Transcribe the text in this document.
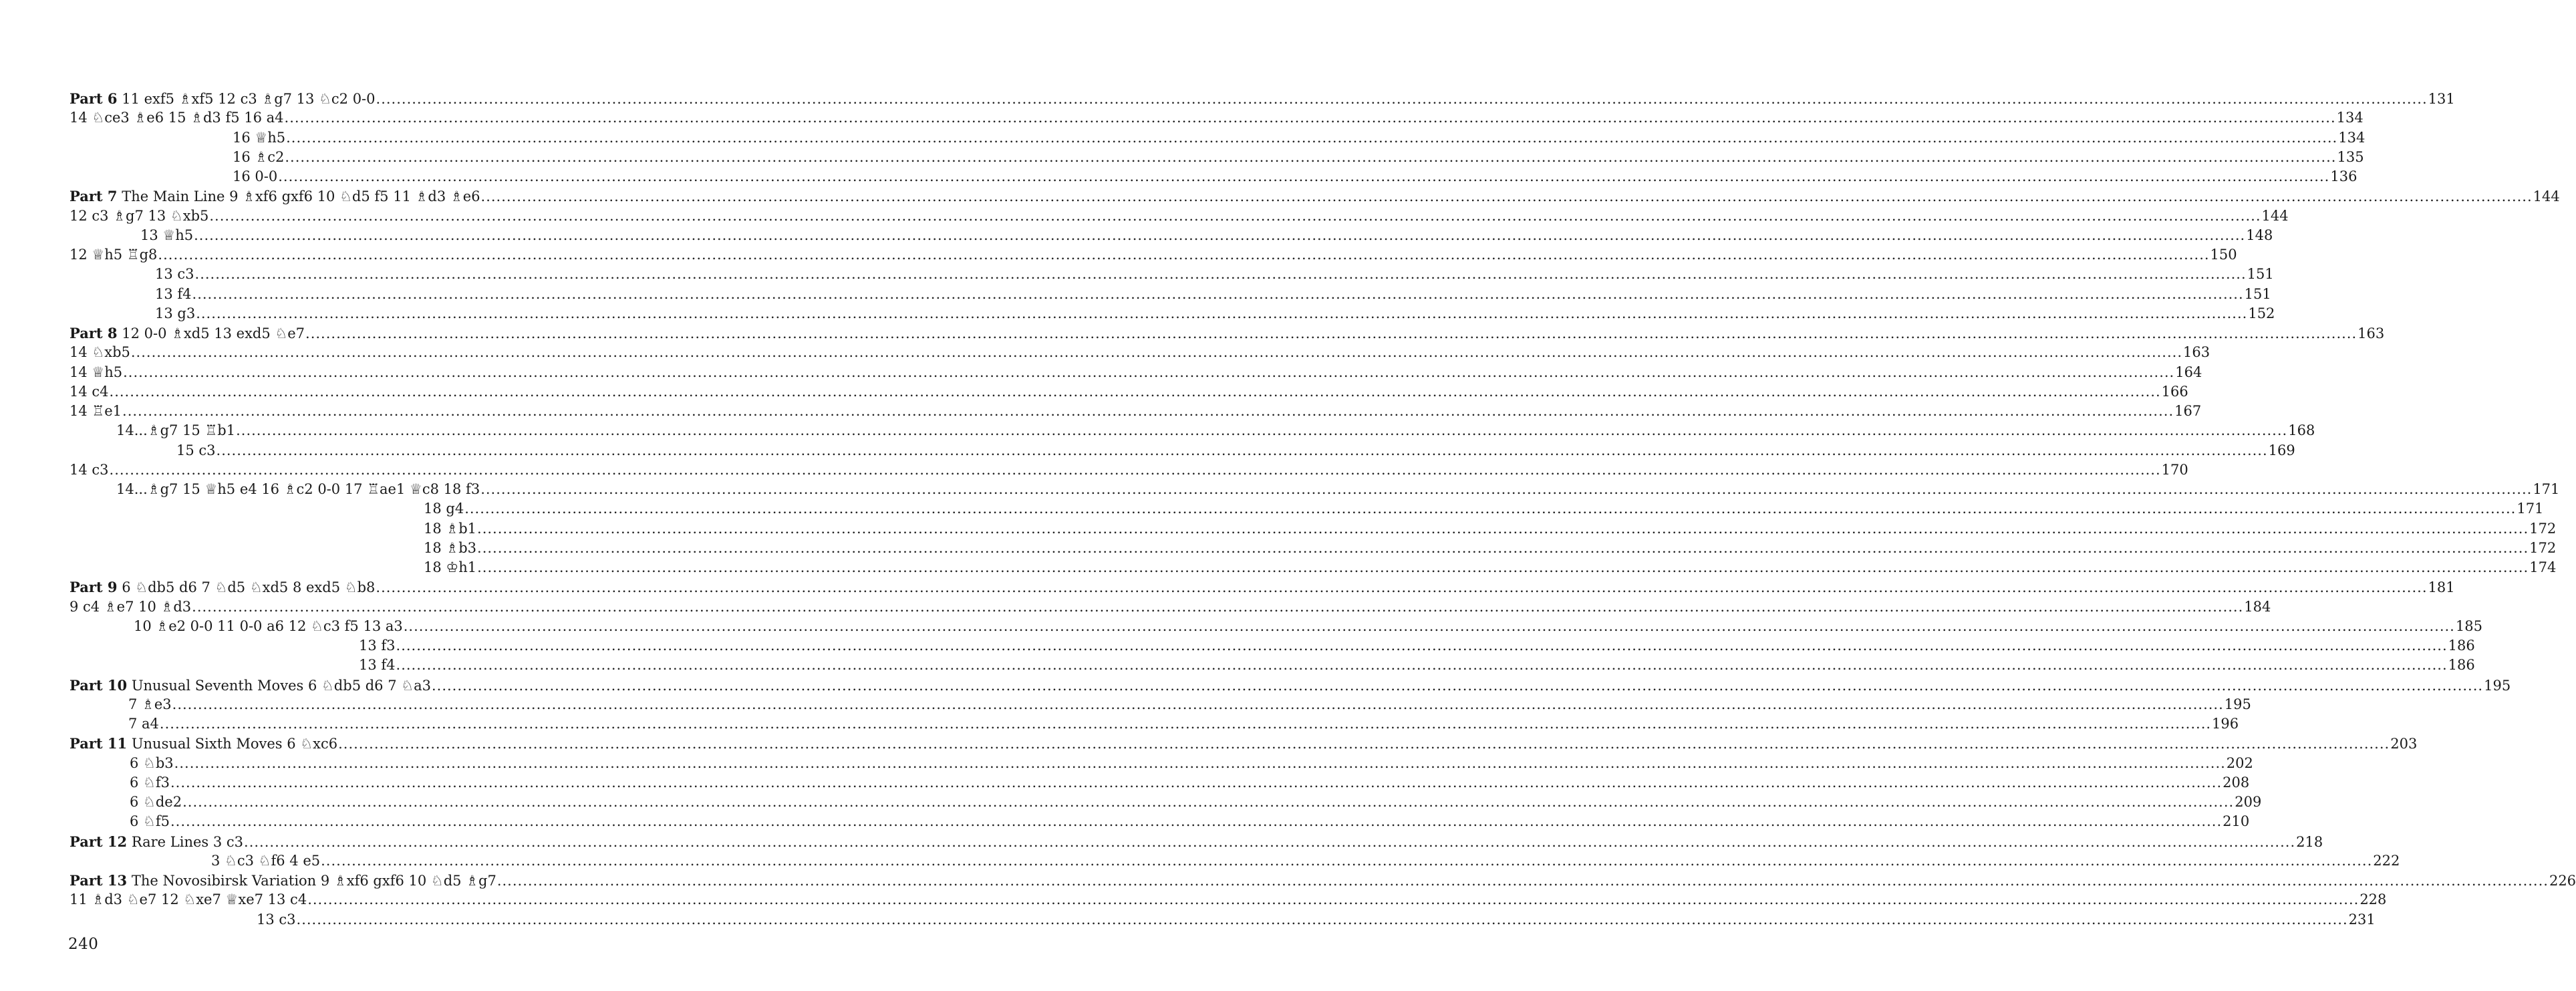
Part 6 11 exf5 ♗xf5 12 c3 ♗g7 13 ♘c2 0-0 ................................................................................................................................................................................................................................................................................................................................................................................................................ 131
14 ♘ce3 ♗e6 15 ♗d3 f5 16 a4 ................................................................................................................................................................................................................................................................................................................................................................................................................ 134
16 ♕h5 ................................................................................................................................................................................................................................................................................................................................................................................................................ 134
16 ♗c2 ................................................................................................................................................................................................................................................................................................................................................................................................................ 135
16 0-0 ................................................................................................................................................................................................................................................................................................................................................................................................................ 136
Part 7 The Main Line 9 ♗xf6 gxf6 10 ♘d5 f5 11 ♗d3 ♗e6 ................................................................................................................................................................................................................................................................................................................................................................................................................ 144
12 c3 ♗g7 13 ♘xb5 ................................................................................................................................................................................................................................................................................................................................................................................................................ 144
13 ♕h5 ................................................................................................................................................................................................................................................................................................................................................................................................................ 148
12 ♕h5 ♖g8 ................................................................................................................................................................................................................................................................................................................................................................................................................ 150
13 c3 ................................................................................................................................................................................................................................................................................................................................................................................................................ 151
13 f4 ................................................................................................................................................................................................................................................................................................................................................................................................................ 151
13 g3 ................................................................................................................................................................................................................................................................................................................................................................................................................ 152
Part 8 12 0-0 ♗xd5 13 exd5 ♘e7 ................................................................................................................................................................................................................................................................................................................................................................................................................ 163
14 ♘xb5 ................................................................................................................................................................................................................................................................................................................................................................................................................ 163
14 ♕h5 ................................................................................................................................................................................................................................................................................................................................................................................................................ 164
14 c4 ................................................................................................................................................................................................................................................................................................................................................................................................................ 166
14 ♖e1 ................................................................................................................................................................................................................................................................................................................................................................................................................ 167
14...♗g7 15 ♖b1 ................................................................................................................................................................................................................................................................................................................................................................................................................ 168
15 c3 ................................................................................................................................................................................................................................................................................................................................................................................................................ 169
14 c3 ................................................................................................................................................................................................................................................................................................................................................................................................................ 170
14...♗g7 15 ♕h5 e4 16 ♗c2 0-0 17 ♖ae1 ♕c8 18 f3 ................................................................................................................................................................................................................................................................................................................................................................................................................ 171
18 g4 ................................................................................................................................................................................................................................................................................................................................................................................................................ 171
18 ♗b1 ................................................................................................................................................................................................................................................................................................................................................................................................................ 172
18 ♗b3 ................................................................................................................................................................................................................................................................................................................................................................................................................ 172
18 ♔h1 ................................................................................................................................................................................................................................................................................................................................................................................................................ 174
Part 9 6 ♘db5 d6 7 ♘d5 ♘xd5 8 exd5 ♘b8 ................................................................................................................................................................................................................................................................................................................................................................................................................ 181
9 c4 ♗e7 10 ♗d3 ................................................................................................................................................................................................................................................................................................................................................................................................................ 184
10 ♗e2 0-0 11 0-0 a6 12 ♘c3 f5 13 a3 ................................................................................................................................................................................................................................................................................................................................................................................................................ 185
13 f3 ................................................................................................................................................................................................................................................................................................................................................................................................................ 186
13 f4 ................................................................................................................................................................................................................................................................................................................................................................................................................ 186
Part 10 Unusual Seventh Moves 6 ♘db5 d6 7 ♘a3 ................................................................................................................................................................................................................................................................................................................................................................................................................ 195
7 ♗e3 ................................................................................................................................................................................................................................................................................................................................................................................................................ 195
7 a4 ................................................................................................................................................................................................................................................................................................................................................................................................................ 196
Part 11 Unusual Sixth Moves 6 ♘xc6 ................................................................................................................................................................................................................................................................................................................................................................................................................ 203
6 ♘b3 ................................................................................................................................................................................................................................................................................................................................................................................................................ 202
6 ♘f3 ................................................................................................................................................................................................................................................................................................................................................................................................................ 208
6 ♘de2 ................................................................................................................................................................................................................................................................................................................................................................................................................ 209
6 ♘f5 ................................................................................................................................................................................................................................................................................................................................................................................................................ 210
Part 12 Rare Lines 3 c3 ................................................................................................................................................................................................................................................................................................................................................................................................................ 218
3 ♘c3 ♘f6 4 e5 ................................................................................................................................................................................................................................................................................................................................................................................................................ 222
Part 13 The Novosibirsk Variation 9 ♗xf6 gxf6 10 ♘d5 ♗g7 ................................................................................................................................................................................................................................................................................................................................................................................................................ 226
11 ♗d3 ♘e7 12 ♘xe7 ♕xe7 13 c4 ................................................................................................................................................................................................................................................................................................................................................................................................................ 228
13 c3 ................................................................................................................................................................................................................................................................................................................................................................................................................ 231
240
